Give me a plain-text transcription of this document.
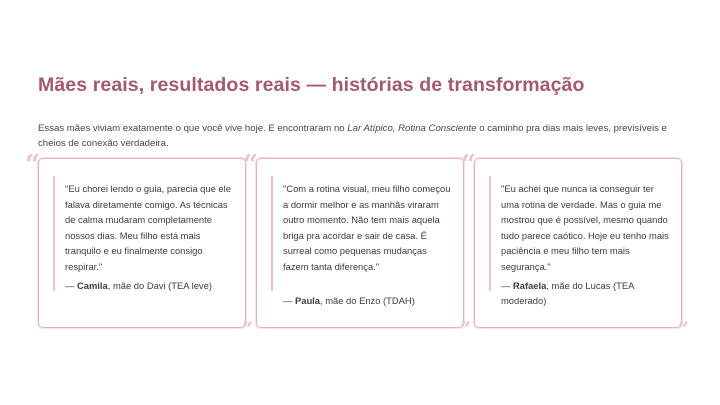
Mães reais, resultados reais — histórias de transformação

Essas mães viviam exatamente o que você vive hoje. E encontraram no Lar Atípico, Rotina Consciente o caminho pra dias mais leves, previsíveis e cheios de conexão verdadeira.

“

"Eu chorei lendo o guia, parecia que ele falava diretamente comigo. As técnicas de calma mudaram completamente nossos dias. Meu filho está mais tranquilo e eu finalmente consigo respirar."

— Camila, mãe do Davi (TEA leve)

”
“

"Com a rotina visual, meu filho começou a dormir melhor e as manhãs viraram outro momento. Não tem mais aquela briga pra acordar e sair de casa. É surreal como pequenas mudanças fazem tanta diferença."

— Paula, mãe do Enzo (TDAH)

”
“

"Eu achei que nunca ia conseguir ter uma rotina de verdade. Mas o guia me mostrou que é possível, mesmo quando tudo parece caótico. Hoje eu tenho mais paciência e meu filho tem mais segurança."

— Rafaela, mãe do Lucas (TEA moderado)

”
